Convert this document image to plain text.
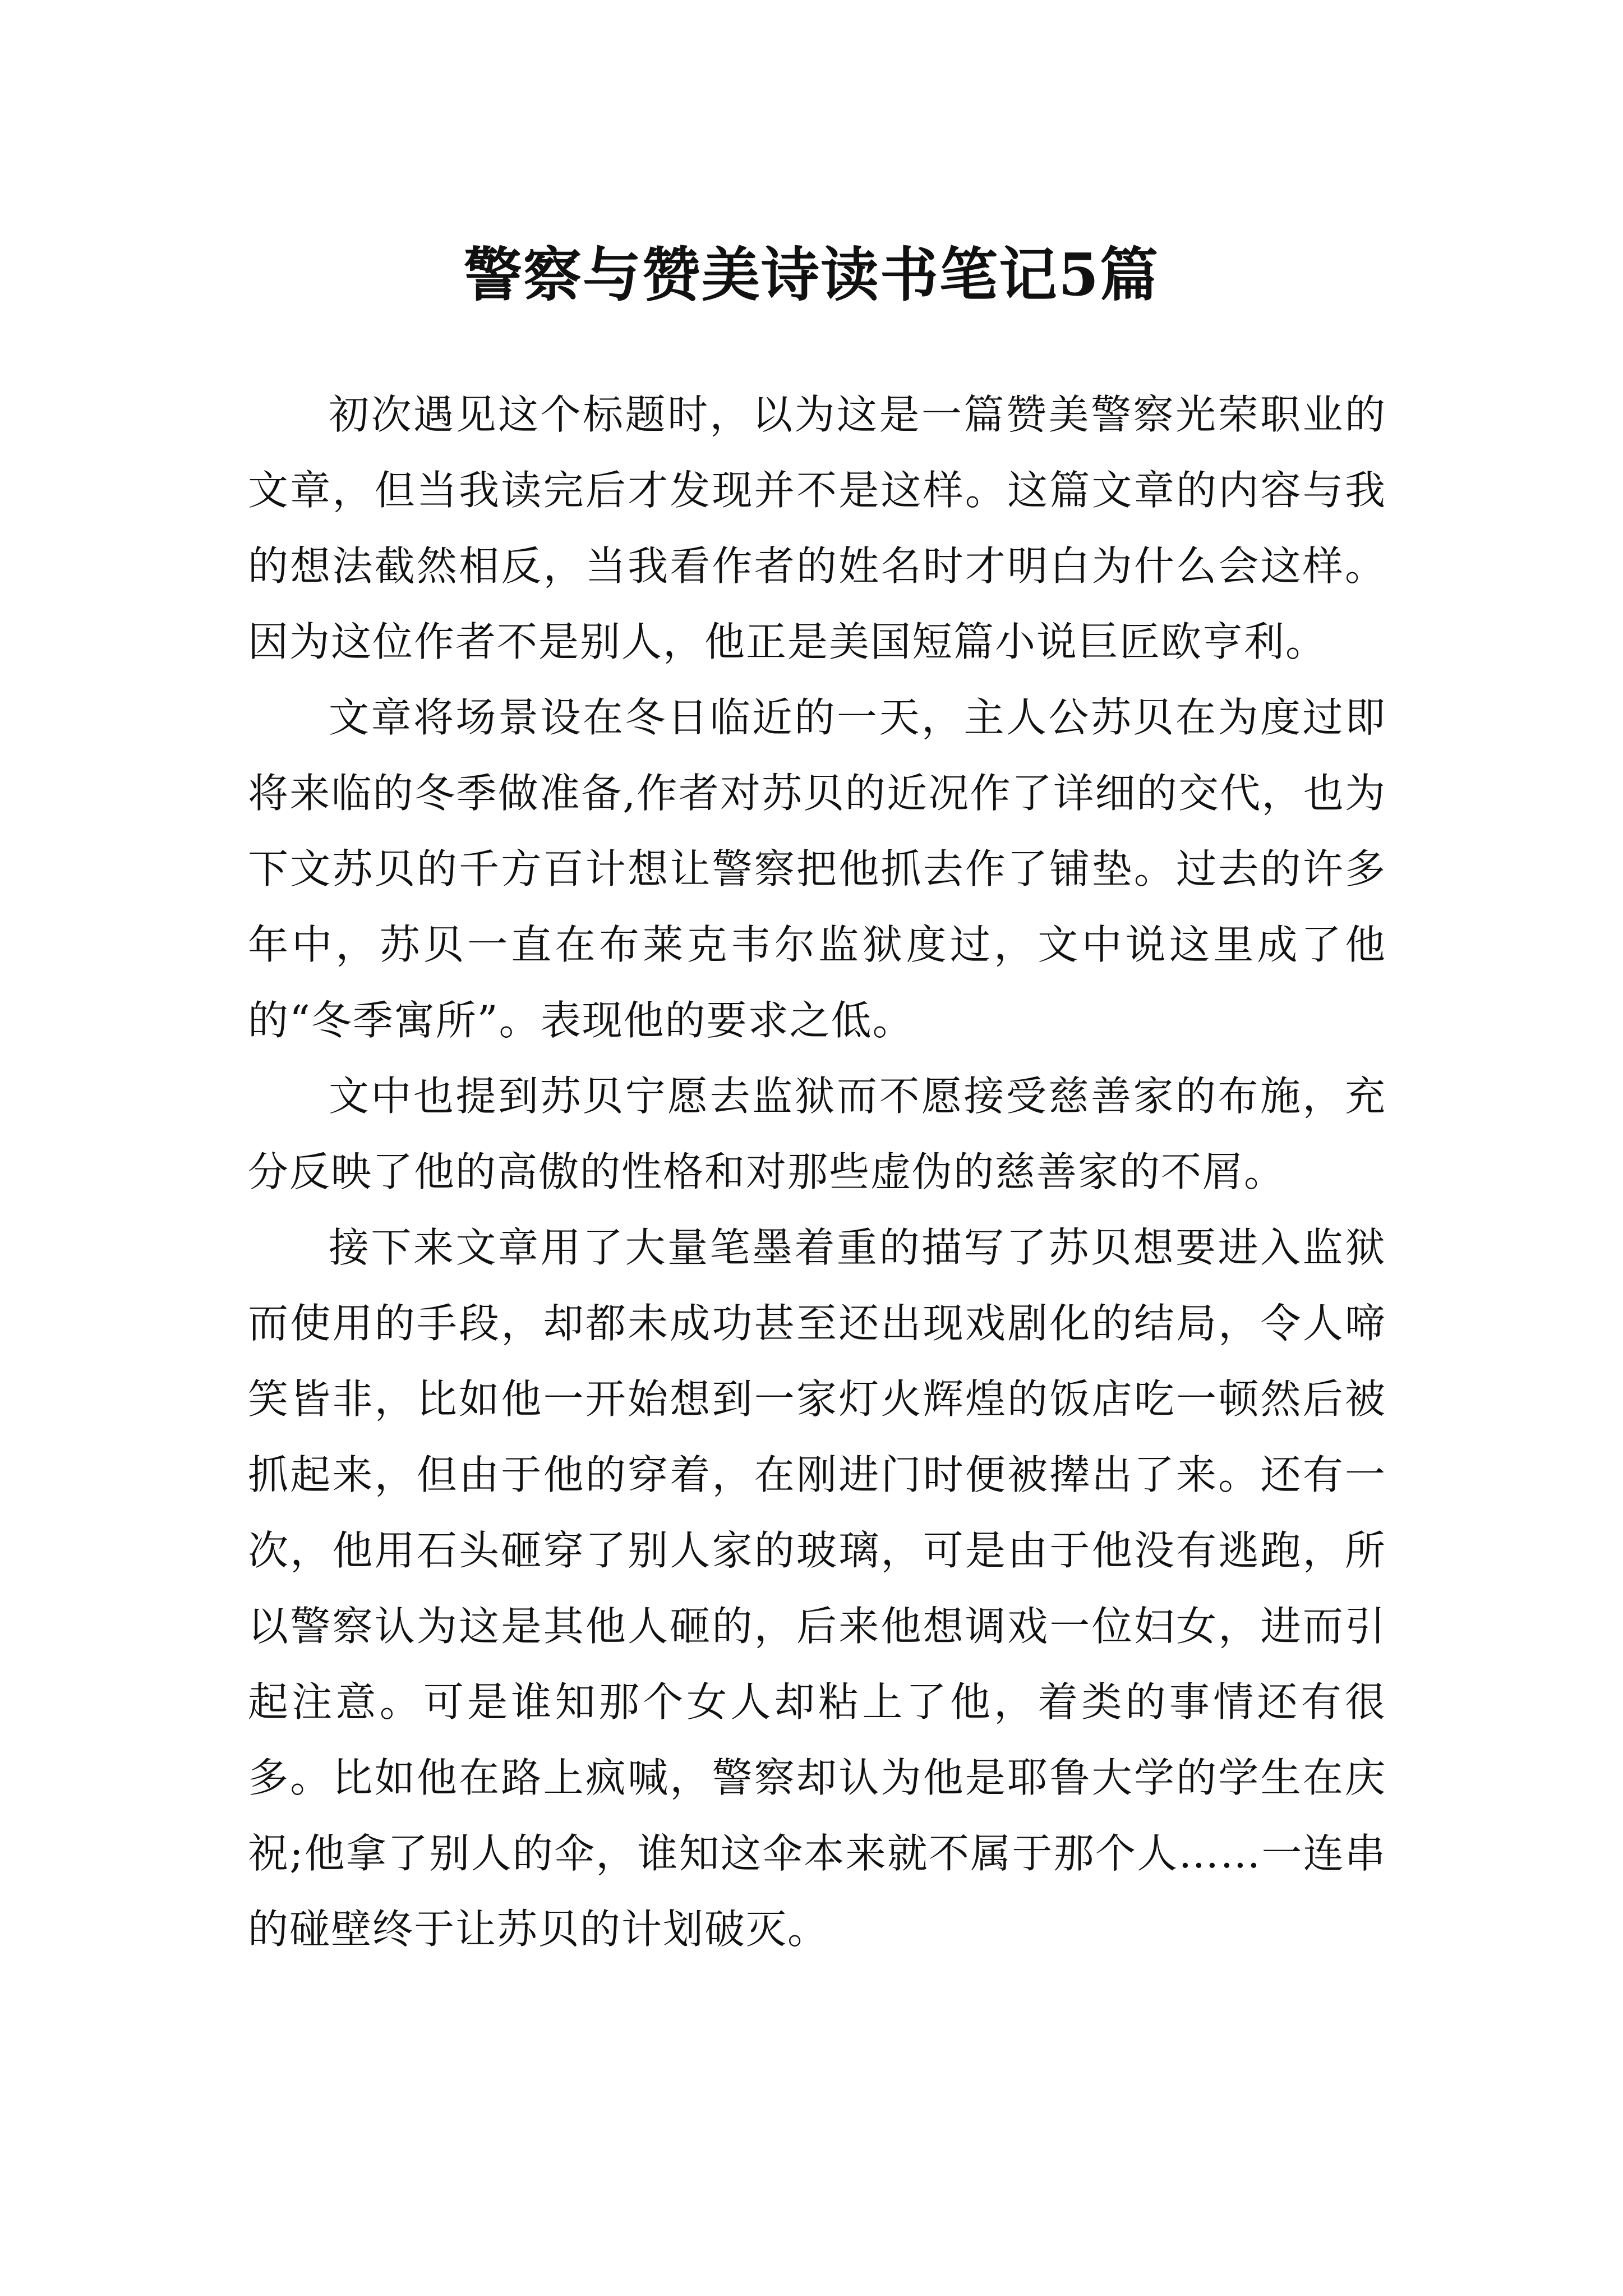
警察与赞美诗读书笔记5篇

初次遇见这个标题时，以为这是一篇赞美警察光荣职业的文章，但当我读完后才发现并不是这样。这篇文章的内容与我的想法截然相反，当我看作者的姓名时才明白为什么会这样。因为这位作者不是别人，他正是美国短篇小说巨匠欧亨利。

文章将场景设在冬日临近的一天，主人公苏贝在为度过即将来临的冬季做准备,作者对苏贝的近况作了详细的交代，也为下文苏贝的千方百计想让警察把他抓去作了铺垫。过去的许多年中，苏贝一直在布莱克韦尔监狱度过，文中说这里成了他的“冬季寓所”。表现他的要求之低。

文中也提到苏贝宁愿去监狱而不愿接受慈善家的布施，充分反映了他的高傲的性格和对那些虚伪的慈善家的不屑。

接下来文章用了大量笔墨着重的描写了苏贝想要进入监狱而使用的手段，却都未成功甚至还出现戏剧化的结局，令人啼笑皆非，比如他一开始想到一家灯火辉煌的饭店吃一顿然后被抓起来，但由于他的穿着，在刚进门时便被撵出了来。还有一次，他用石头砸穿了别人家的玻璃，可是由于他没有逃跑，所以警察认为这是其他人砸的，后来他想调戏一位妇女，进而引起注意。可是谁知那个女人却粘上了他，着类的事情还有很多。比如他在路上疯喊，警察却认为他是耶鲁大学的学生在庆祝;他拿了别人的伞，谁知这伞本来就不属于那个人……一连串的碰壁终于让苏贝的计划破灭。
